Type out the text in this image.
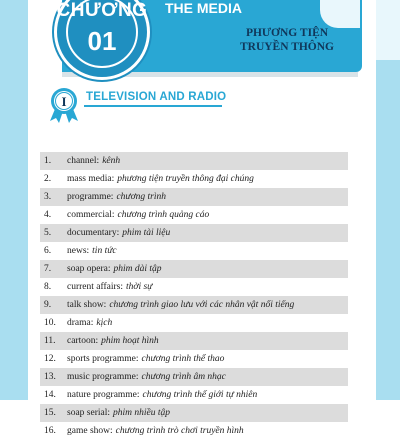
CHƯƠNG
01
THE MEDIA
PHƯƠNG TIỆN
TRUYỀN THÔNG
I TELEVISION AND RADIO
1.	channel: kênh
2.	mass media: phương tiện truyền thông đại chúng
3.	programme: chương trình
4.	commercial: chương trình quảng cáo
5.	documentary: phim tài liệu
6.	news: tin tức
7.	soap opera: phim dài tập
8.	current affairs: thời sự
9.	talk show: chương trình giao lưu với các nhân vật nổi tiếng
10.	drama: kịch
11.	cartoon: phim hoạt hình
12.	sports programme: chương trình thể thao
13.	music programme: chương trình âm nhạc
14.	nature programme: chương trình thế giới tự nhiên
15.	soap serial: phim nhiều tập
16.	game show: chương trình trò chơi truyền hình
